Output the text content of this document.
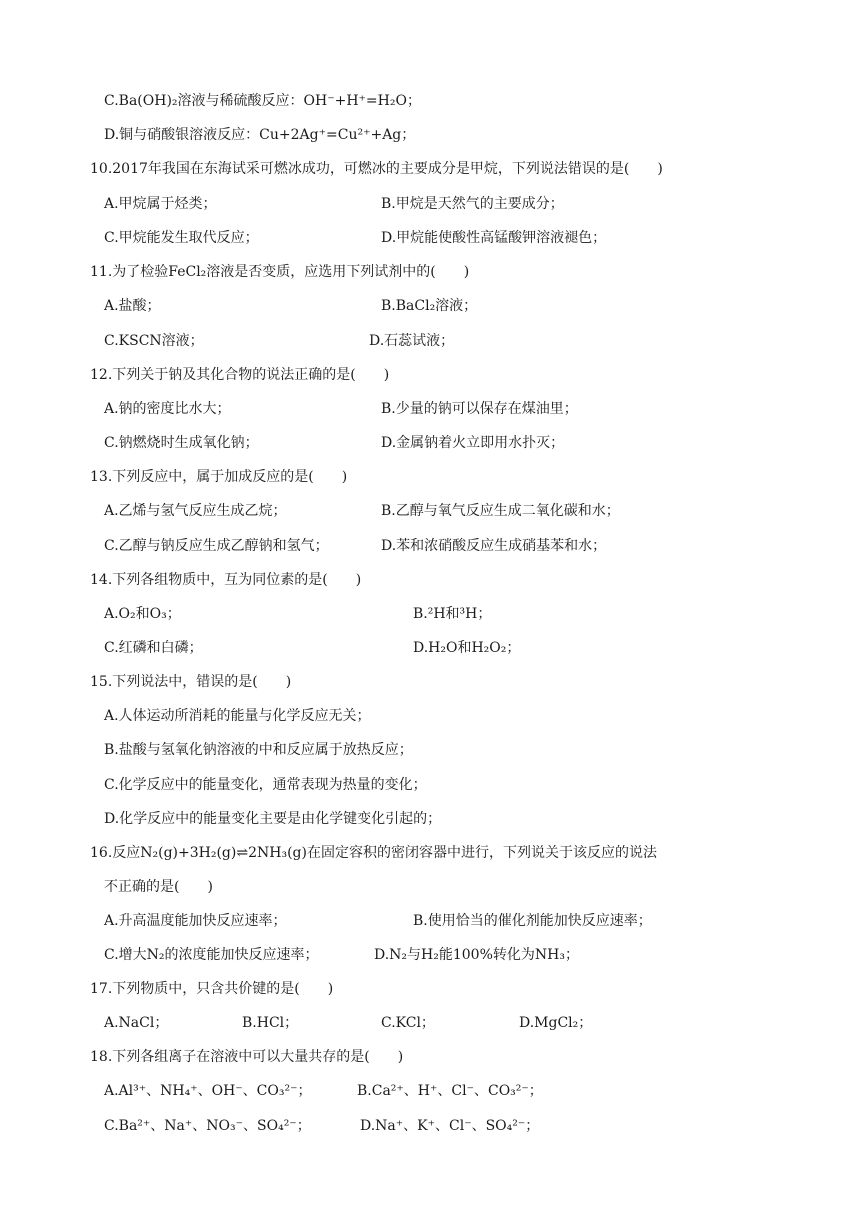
C.Ba(OH)₂溶液与稀硫酸反应：OH⁻+H⁺=H₂O；
D.铜与硝酸银溶液反应：Cu+2Ag⁺=Cu²⁺+Ag；
10.2017年我国在东海试采可燃冰成功，可燃冰的主要成分是甲烷，下列说法错误的是(　　)
A.甲烷属于烃类；	B.甲烷是天然气的主要成分；
C.甲烷能发生取代反应；	D.甲烷能使酸性高锰酸钾溶液褪色；
11.为了检验FeCl₂溶液是否变质，应选用下列试剂中的(　　)
A.盐酸；	B.BaCl₂溶液；
C.KSCN溶液；	D.石蕊试液；
12.下列关于钠及其化合物的说法正确的是(　　)
A.钠的密度比水大；	B.少量的钠可以保存在煤油里；
C.钠燃烧时生成氧化钠；	D.金属钠着火立即用水扑灭；
13.下列反应中，属于加成反应的是(　　)
A.乙烯与氢气反应生成乙烷；	B.乙醇与氧气反应生成二氧化碳和水；
C.乙醇与钠反应生成乙醇钠和氢气；	D.苯和浓硝酸反应生成硝基苯和水；
14.下列各组物质中，互为同位素的是(　　)
A.O₂和O₃；	B.²H和³H；
C.红磷和白磷；	D.H₂O和H₂O₂；
15.下列说法中，错误的是(　　)
A.人体运动所消耗的能量与化学反应无关；
B.盐酸与氢氧化钠溶液的中和反应属于放热反应；
C.化学反应中的能量变化，通常表现为热量的变化；
D.化学反应中的能量变化主要是由化学键变化引起的；
16.反应N₂(g)+3H₂(g)⇌2NH₃(g)在固定容积的密闭容器中进行，下列说关于该反应的说法
不正确的是(　　)
A.升高温度能加快反应速率；	B.使用恰当的催化剂能加快反应速率；
C.增大N₂的浓度能加快反应速率；	D.N₂与H₂能100%转化为NH₃；
17.下列物质中，只含共价键的是(　　)
A.NaCl；	B.HCl；	C.KCl；	D.MgCl₂；
18.下列各组离子在溶液中可以大量共存的是(　　)
A.Al³⁺、NH₄⁺、OH⁻、CO₃²⁻；	B.Ca²⁺、H⁺、Cl⁻、CO₃²⁻；
C.Ba²⁺、Na⁺、NO₃⁻、SO₄²⁻；	D.Na⁺、K⁺、Cl⁻、SO₄²⁻；
